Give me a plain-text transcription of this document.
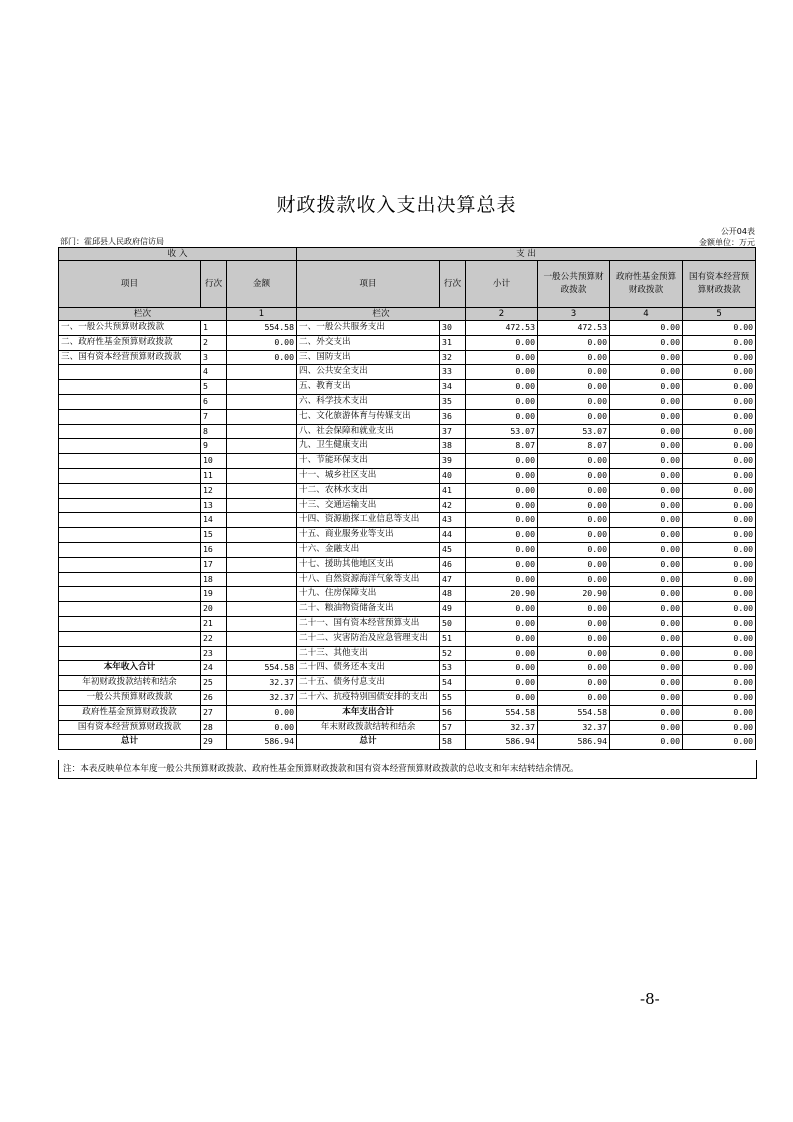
财政拨款收入支出决算总表
公开04表
部门：霍邱县人民政府信访局	金额单位：万元
收 入			支 出					
项目	行次	金额	项目	行次	小计	一般公共预算财政拨款	政府性基金预算财政拨款	国有资本经营预算财政拨款
栏次		1	栏次		2	3	4	5
一、一般公共预算财政拨款	1	554.58	一、一般公共服务支出	30	472.53	472.53	0.00	0.00
二、政府性基金预算财政拨款	2	0.00	二、外交支出	31	0.00	0.00	0.00	0.00
三、国有资本经营预算财政拨款	3	0.00	三、国防支出	32	0.00	0.00	0.00	0.00
	4		四、公共安全支出	33	0.00	0.00	0.00	0.00
	5		五、教育支出	34	0.00	0.00	0.00	0.00
	6		六、科学技术支出	35	0.00	0.00	0.00	0.00
	7		七、文化旅游体育与传媒支出	36	0.00	0.00	0.00	0.00
	8		八、社会保障和就业支出	37	53.07	53.07	0.00	0.00
	9		九、卫生健康支出	38	8.07	8.07	0.00	0.00
	10		十、节能环保支出	39	0.00	0.00	0.00	0.00
	11		十一、城乡社区支出	40	0.00	0.00	0.00	0.00
	12		十二、农林水支出	41	0.00	0.00	0.00	0.00
	13		十三、交通运输支出	42	0.00	0.00	0.00	0.00
	14		十四、资源勘探工业信息等支出	43	0.00	0.00	0.00	0.00
	15		十五、商业服务业等支出	44	0.00	0.00	0.00	0.00
	16		十六、金融支出	45	0.00	0.00	0.00	0.00
	17		十七、援助其他地区支出	46	0.00	0.00	0.00	0.00
	18		十八、自然资源海洋气象等支出	47	0.00	0.00	0.00	0.00
	19		十九、住房保障支出	48	20.90	20.90	0.00	0.00
	20		二十、粮油物资储备支出	49	0.00	0.00	0.00	0.00
	21		二十一、国有资本经营预算支出	50	0.00	0.00	0.00	0.00
	22		二十二、灾害防治及应急管理支出	51	0.00	0.00	0.00	0.00
	23		二十三、其他支出	52	0.00	0.00	0.00	0.00
本年收入合计	24	554.58	二十四、债务还本支出	53	0.00	0.00	0.00	0.00
年初财政拨款结转和结余	25	32.37	二十五、债务付息支出	54	0.00	0.00	0.00	0.00
一般公共预算财政拨款	26	32.37	二十六、抗疫特别国债安排的支出	55	0.00	0.00	0.00	0.00
政府性基金预算财政拨款	27	0.00	本年支出合计	56	554.58	554.58	0.00	0.00
国有资本经营预算财政拨款	28	0.00	年末财政拨款结转和结余	57	32.37	32.37	0.00	0.00
总计	29	586.94	总计	58	586.94	586.94	0.00	0.00
注：本表反映单位本年度一般公共预算财政拨款、政府性基金预算财政拨款和国有资本经营预算财政拨款的总收支和年末结转结余情况。
-8-
